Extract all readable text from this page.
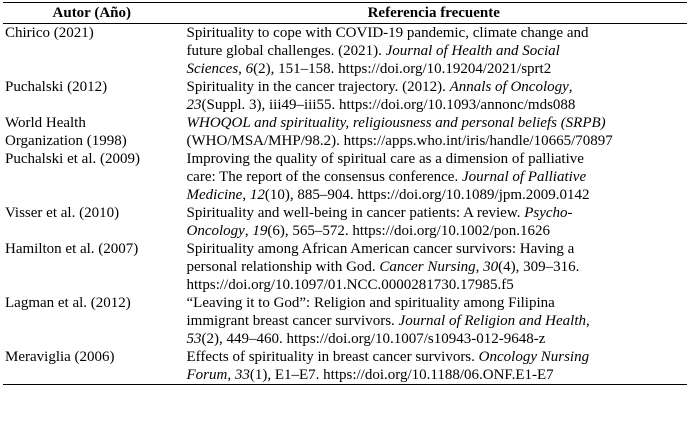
Autor (Año)	Referencia frecuente

Chirico (2021)	Spirituality to cope with COVID-19 pandemic, climate change and
future global challenges. (2021). Journal of Health and Social
Sciences, 6(2), 151–158. https://doi.org/10.19204/2021/sprt2

Puchalski (2012)	Spirituality in the cancer trajectory. (2012). Annals of Oncology,
23(Suppl. 3), iii49–iii55. https://doi.org/10.1093/annonc/mds088

World Health
Organization (1998)	WHOQOL and spirituality, religiousness and personal beliefs (SRPB)
(WHO/MSA/MHP/98.2). https://apps.who.int/iris/handle/10665/70897

Puchalski et al. (2009)	Improving the quality of spiritual care as a dimension of palliative
care: The report of the consensus conference. Journal of Palliative
Medicine, 12(10), 885–904. https://doi.org/10.1089/jpm.2009.0142

Visser et al. (2010)	Spirituality and well-being in cancer patients: A review. Psycho-
Oncology, 19(6), 565–572. https://doi.org/10.1002/pon.1626

Hamilton et al. (2007)	Spirituality among African American cancer survivors: Having a
personal relationship with God. Cancer Nursing, 30(4), 309–316.
https://doi.org/10.1097/01.NCC.0000281730.17985.f5

Lagman et al. (2012)	“Leaving it to God”: Religion and spirituality among Filipina
immigrant breast cancer survivors. Journal of Religion and Health,
53(2), 449–460. https://doi.org/10.1007/s10943-012-9648-z

Meraviglia (2006)	Effects of spirituality in breast cancer survivors. Oncology Nursing
Forum, 33(1), E1–E7. https://doi.org/10.1188/06.ONF.E1-E7
